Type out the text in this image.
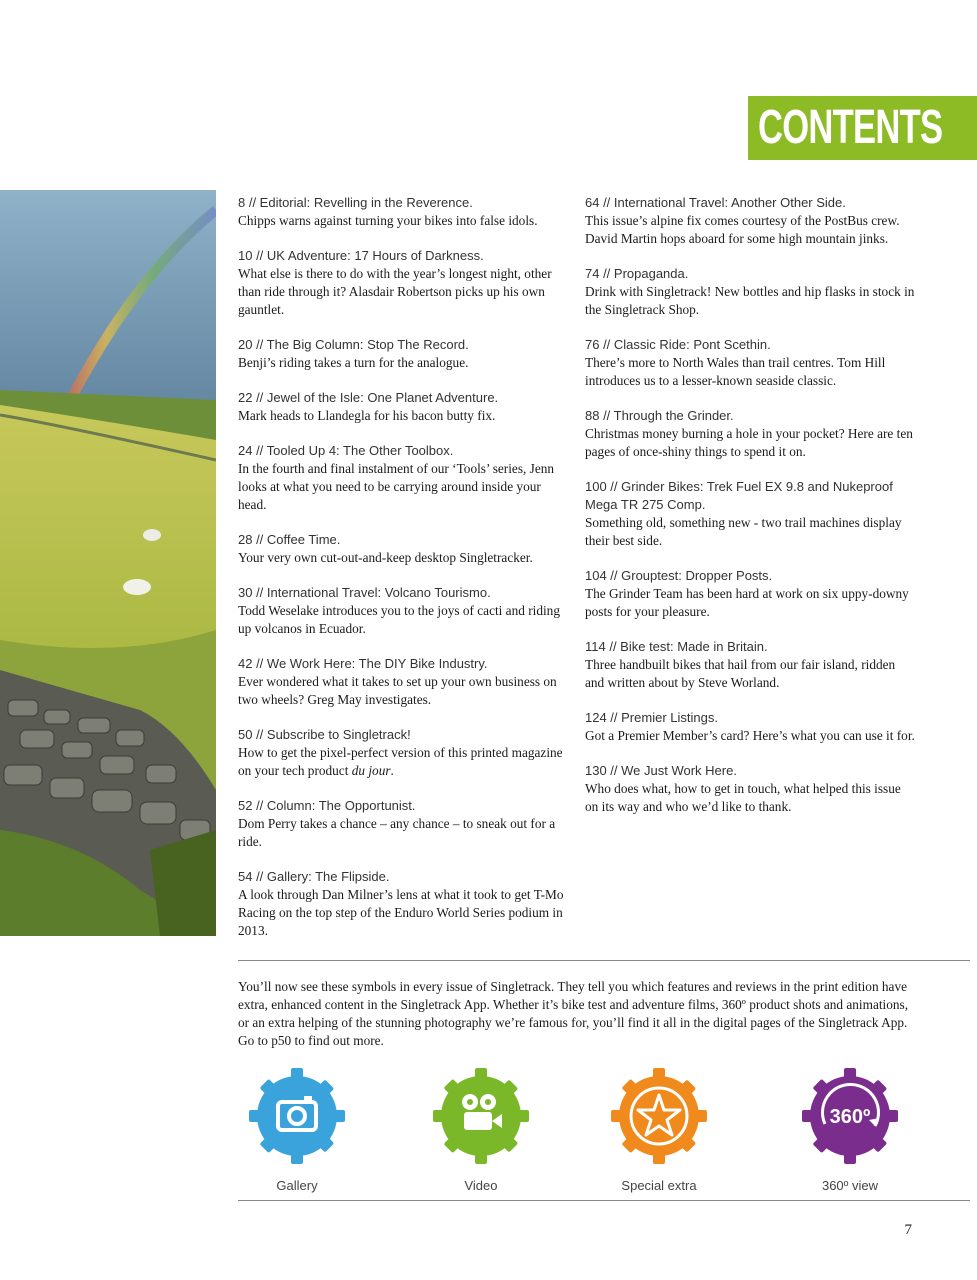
CONTENTS
8 // Editorial: Revelling in the Reverence.
Chipps warns against turning your bikes into false idols.
10 // UK Adventure: 17 Hours of Darkness.
What else is there to do with the year’s longest night, other than ride through it? Alasdair Robertson picks up his own gauntlet.
20 // The Big Column: Stop The Record.
Benji’s riding takes a turn for the analogue.
22 // Jewel of the Isle: One Planet Adventure.
Mark heads to Llandegla for his bacon butty fix.
24 // Tooled Up 4: The Other Toolbox.
In the fourth and final instalment of our ‘Tools’ series, Jenn looks at what you need to be carrying around inside your head.
28 // Coffee Time.
Your very own cut-out-and-keep desktop Singletracker.
30 // International Travel: Volcano Tourismo.
Todd Weselake introduces you to the joys of cacti and riding up volcanos in Ecuador.
42 // We Work Here: The DIY Bike Industry.
Ever wondered what it takes to set up your own business on two wheels? Greg May investigates.
50 // Subscribe to Singletrack!
How to get the pixel-perfect version of this printed magazine on your tech product du jour.
52 // Column: The Opportunist.
Dom Perry takes a chance – any chance – to sneak out for a ride.
54 // Gallery: The Flipside.
A look through Dan Milner’s lens at what it took to get T-Mo Racing on the top step of the Enduro World Series podium in 2013.
64 // International Travel: Another Other Side.
This issue’s alpine fix comes courtesy of the PostBus crew. David Martin hops aboard for some high mountain jinks.
74 // Propaganda.
Drink with Singletrack! New bottles and hip flasks in stock in the Singletrack Shop.
76 // Classic Ride: Pont Scethin.
There’s more to North Wales than trail centres. Tom Hill introduces us to a lesser-known seaside classic.
88 // Through the Grinder.
Christmas money burning a hole in your pocket? Here are ten pages of once-shiny things to spend it on.
100 // Grinder Bikes: Trek Fuel EX 9.8 and Nukeproof Mega TR 275 Comp.
Something old, something new - two trail machines display their best side.
104 // Grouptest: Dropper Posts.
The Grinder Team has been hard at work on six uppy-downy posts for your pleasure.
114 // Bike test: Made in Britain.
Three handbuilt bikes that hail from our fair island, ridden and written about by Steve Worland.
124 // Premier Listings.
Got a Premier Member’s card? Here’s what you can use it for.
130 // We Just Work Here.
Who does what, how to get in touch, what helped this issue on its way and who we’d like to thank.

You’ll now see these symbols in every issue of Singletrack. They tell you which features and reviews in the print edition have extra, enhanced content in the Singletrack App. Whether it’s bike test and adventure films, 360º product shots and animations, or an extra helping of the stunning photography we’re famous for, you’ll find it all in the digital pages of the Singletrack App. Go to p50 to find out more.

Gallery	Video	Special extra
360º
360º view
7
